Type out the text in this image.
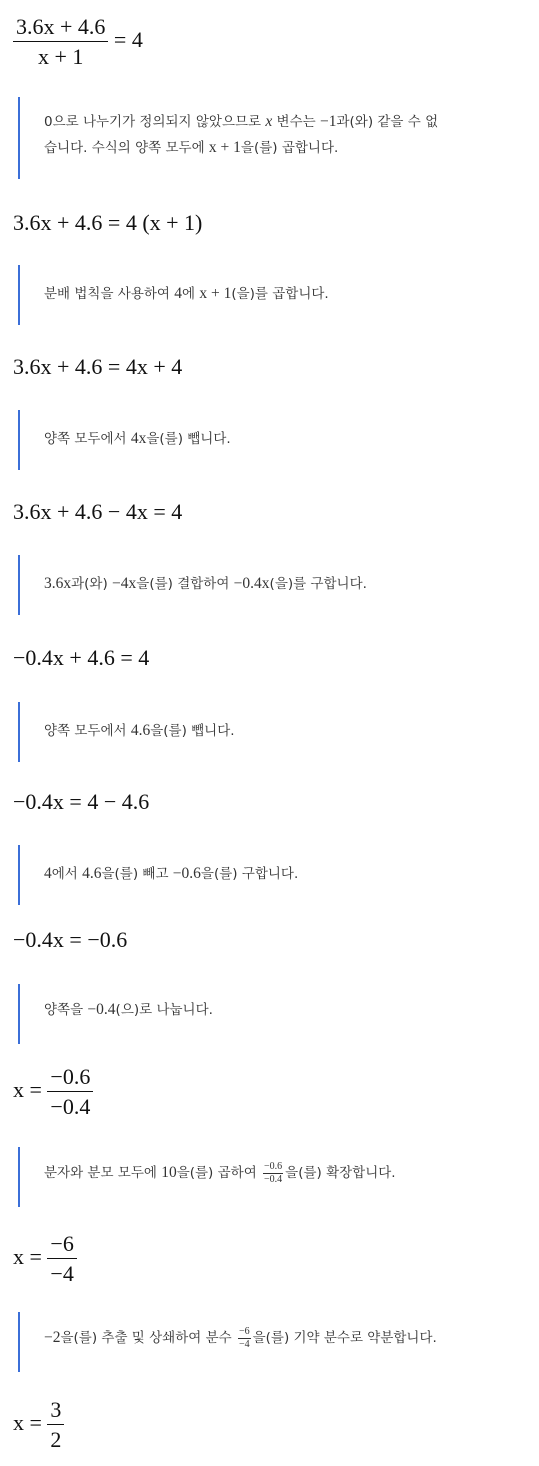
$\frac{3.6x + 4.6}{x + 1} = 4$
0으로 나누기가 정의되지 않았으므로 x 변수는 −1과(와) 같을 수 없
습니다. 수식의 양쪽 모두에 x + 1을(를) 곱합니다.
3.6x + 4.6 = 4 (x + 1)
분배 법칙을 사용하여 4에 x + 1(을)를 곱합니다.
3.6x + 4.6 = 4x + 4
양쪽 모두에서 4x을(를) 뺍니다.
3.6x + 4.6 − 4x = 4
3.6x과(와) −4x을(를) 결합하여 −0.4x(을)를 구합니다.
−0.4x + 4.6 = 4
양쪽 모두에서 4.6을(를) 뺍니다.
−0.4x = 4 − 4.6
4에서 4.6을(를) 빼고 −0.6을(를) 구합니다.
−0.4x = −0.6
양쪽을 −0.4(으)로 나눕니다.
$x = \frac{-0.6}{-0.4}$
분자와 분모 모두에 10을(를) 곱하여 $\frac{-0.6}{-0.4}$ 을(를) 확장합니다.
$x = \frac{-6}{-4}$
−2을(를) 추출 및 상쇄하여 분수 $\frac{-6}{-4}$ 을(를) 기약 분수로 약분합니다.
$x = \frac{3}{2}$
